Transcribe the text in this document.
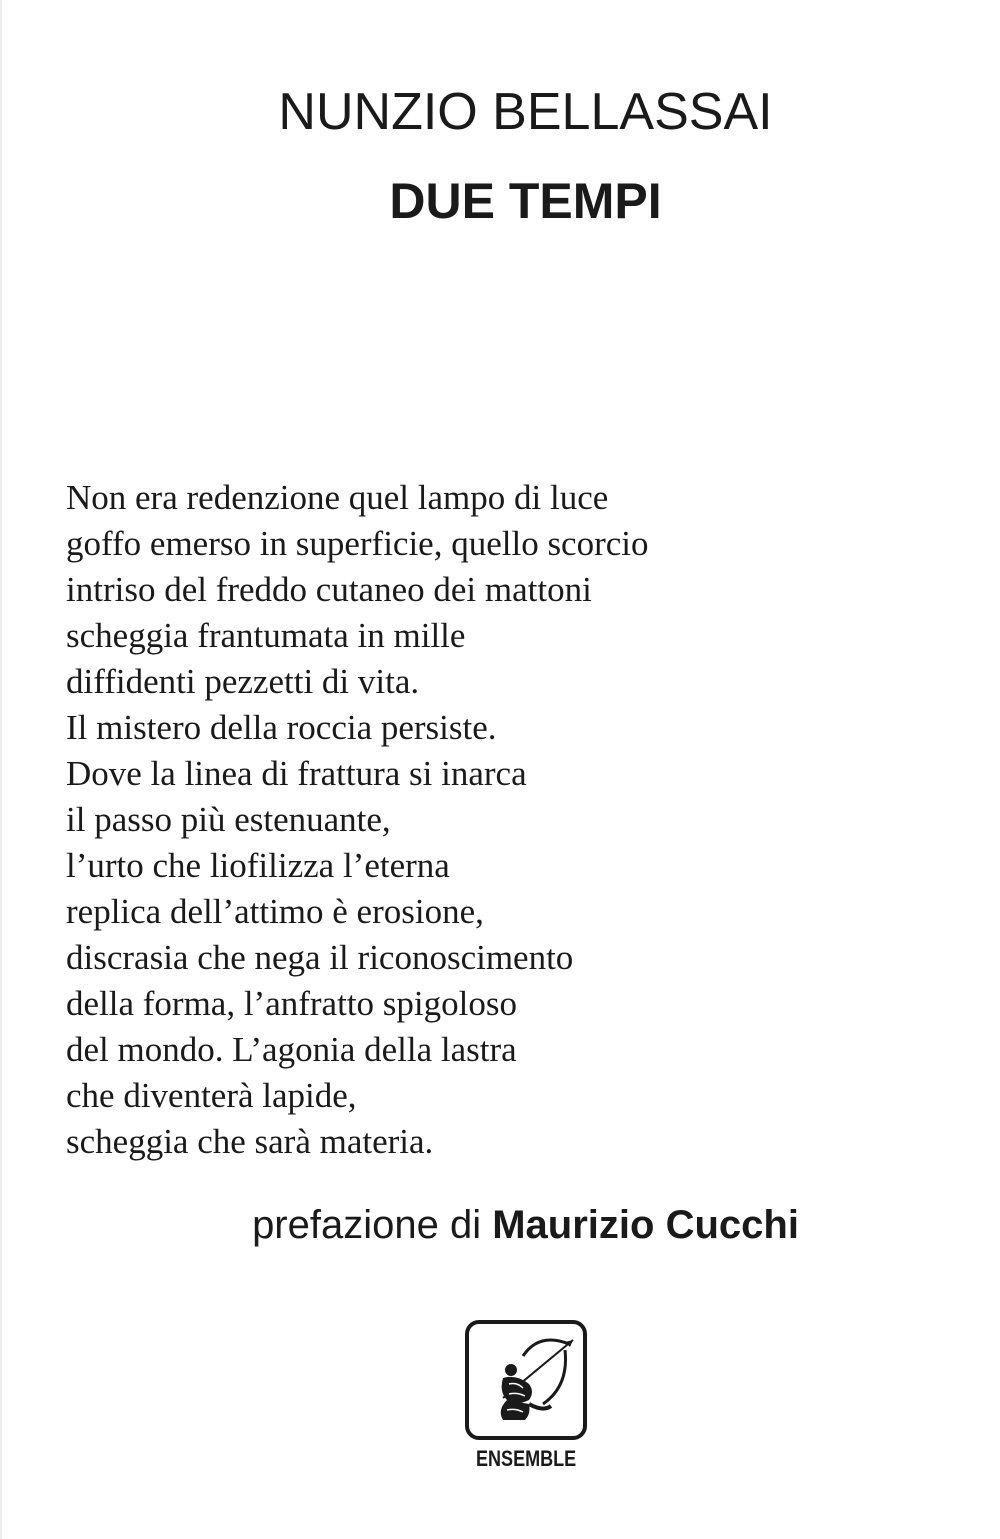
NUNZIO BELLASSAI
DUE TEMPI
Non era redenzione quel lampo di luce
goffo emerso in superficie, quello scorcio
intriso del freddo cutaneo dei mattoni
scheggia frantumata in mille
diffidenti pezzetti di vita.
Il mistero della roccia persiste.
Dove la linea di frattura si inarca
il passo più estenuante,
l’urto che liofilizza l’eterna
replica dell’attimo è erosione,
discrasia che nega il riconoscimento
della forma, l’anfratto spigoloso
del mondo. L’agonia della lastra
che diventerà lapide,
scheggia che sarà materia.
prefazione di Maurizio Cucchi
ENSEMBLE
